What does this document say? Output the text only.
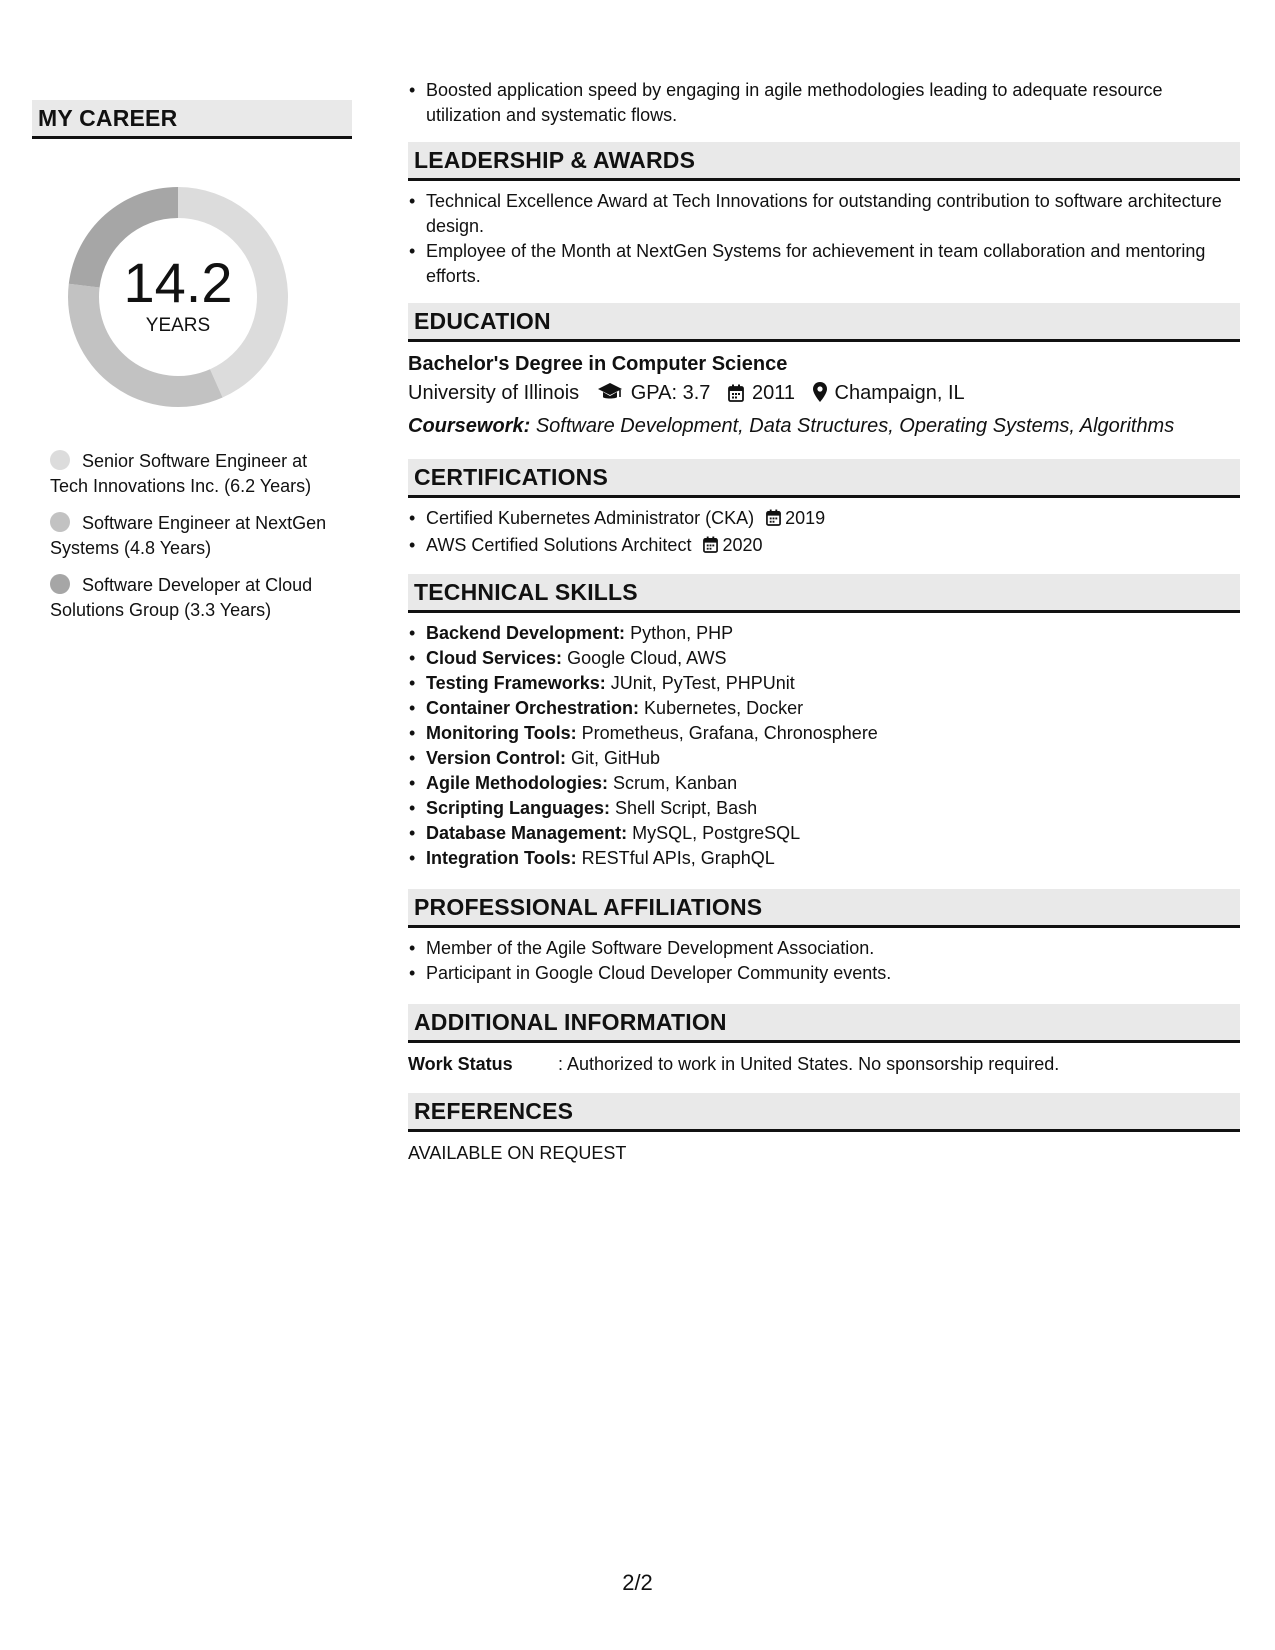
MY CAREER
14.2
YEARS
Senior Software Engineer at Tech Innovations Inc. (6.2 Years)
Software Engineer at NextGen Systems (4.8 Years)
Software Developer at Cloud Solutions Group (3.3 Years)
• Boosted application speed by engaging in agile methodologies leading to adequate resource utilization and systematic flows.
LEADERSHIP & AWARDS
• Technical Excellence Award at Tech Innovations for outstanding contribution to software architecture design.
• Employee of the Month at NextGen Systems for achievement in team collaboration and mentoring efforts.
EDUCATION
Bachelor's Degree in Computer Science
University of Illinois	GPA: 3.7 2011 Champaign, IL
Coursework: Software Development, Data Structures, Operating Systems, Algorithms
CERTIFICATIONS
• Certified Kubernetes Administrator (CKA) 2019
• AWS Certified Solutions Architect 2020
TECHNICAL SKILLS
• Backend Development: Python, PHP
• Cloud Services: Google Cloud, AWS
• Testing Frameworks: JUnit, PyTest, PHPUnit
• Container Orchestration: Kubernetes, Docker
• Monitoring Tools: Prometheus, Grafana, Chronosphere
• Version Control: Git, GitHub
• Agile Methodologies: Scrum, Kanban
• Scripting Languages: Shell Script, Bash
• Database Management: MySQL, PostgreSQL
• Integration Tools: RESTful APIs, GraphQL
PROFESSIONAL AFFILIATIONS
• Member of the Agile Software Development Association.
• Participant in Google Cloud Developer Community events.
ADDITIONAL INFORMATION
Work Status	: Authorized to work in United States. No sponsorship required.
REFERENCES
AVAILABLE ON REQUEST
2/2
